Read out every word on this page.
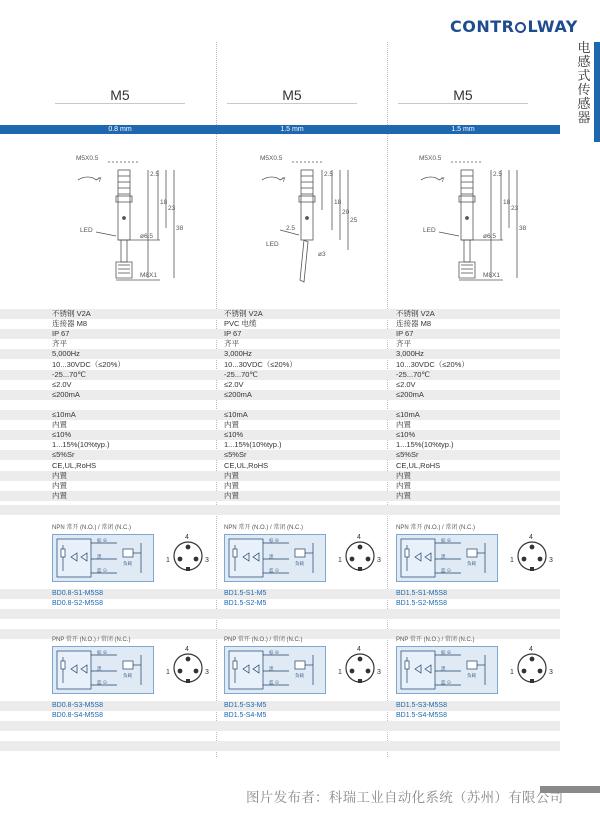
CONTR LWAY
电感式传感器
M5	M5	M5
0.8 mm	1.5 mm	1.5 mm
M5X0.5
LED
ø6.5
M8X1
7
2.5
18
23
38
M5X0.5
LED
ø3
7
2.5
18
20
25
2.5
M5X0.5
LED
ø6.5
M8X1
7
2.5
18
23
38
不锈钢 V2A	不锈钢 V2A	不锈钢 V2A
连接器 M8	PVC 电缆	连接器 M8
IP 67	IP 67	IP 67
齐平	齐平	齐平
5,000Hz	3,000Hz	3,000Hz
10...30VDC（≤20%）	10...30VDC（≤20%）	10...30VDC（≤20%）
-25...70℃	-25...70℃	-25...70℃
≤2.0V	≤2.0V	≤2.0V
≤200mA	≤200mA	≤200mA
≤10mA	≤10mA	≤10mA
内置	内置	内置
≤10%	≤10%	≤10%
1...15%(10%typ.)	1...15%(10%typ.)	1...15%(10%typ.)
≤5%Sr	≤5%Sr	≤5%Sr
CE,UL,RoHS	CE,UL,RoHS	CE,UL,RoHS
内置	内置	内置
内置	内置	内置
内置	内置	内置
NPN 常开 (N.O.) / 常闭 (N.C.)
棕 ⊕
黑
蓝 ⊖
负载
4
1	3
NPN 常开 (N.O.) / 常闭 (N.C.)
棕 ⊕
黑
蓝 ⊖
负载
4
1	3
NPN 常开 (N.O.) / 常闭 (N.C.)
棕 ⊕
黑
蓝 ⊖
负载
4
1	3
BD0.8-S1-M5S8	BD1.5-S1-M5	BD1.5-S1-M5S8
BD0.8-S2-M5S8	BD1.5-S2-M5	BD1.5-S2-M5S8
PNP 常开 (N.O.) / 常闭 (N.C.)
棕 ⊕
黑
蓝 ⊖
负载
4
1	3
PNP 常开 (N.O.) / 常闭 (N.C.)
棕 ⊕
黑
蓝 ⊖
负载
4
1	3
PNP 常开 (N.O.) / 常闭 (N.C.)
棕 ⊕
黑
蓝 ⊖
负载
4
1	3
BD0.8-S3-M5S8	BD1.5-S3-M5	BD1.5-S3-M5S8
BD0.8-S4-M5S8	BD1.5-S4-M5	BD1.5-S4-M5S8
图片发布者：科瑞工业自动化系统（苏州）有限公司
